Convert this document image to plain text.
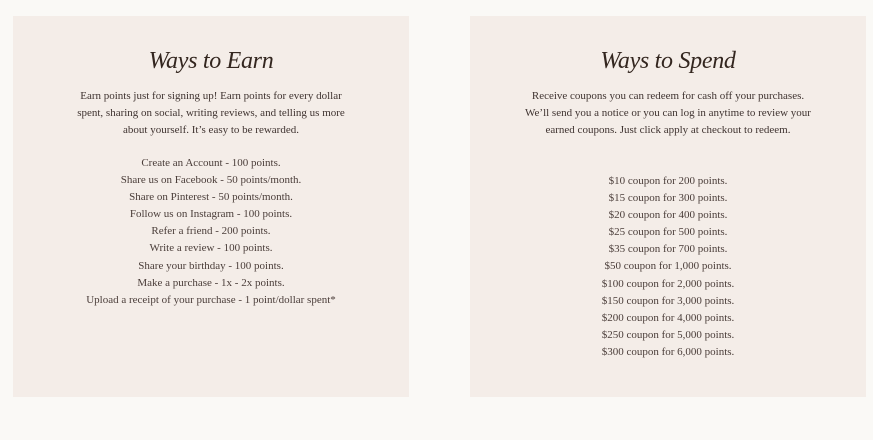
Ways to Earn

Earn points just for signing up! Earn points for every dollar spent, sharing on social, writing reviews, and telling us more about yourself. It’s easy to be rewarded.

Create an Account - 100 points.
Share us on Facebook - 50 points/month.
Share on Pinterest - 50 points/month.
Follow us on Instagram - 100 points.
Refer a friend - 200 points.
Write a review - 100 points.
Share your birthday - 100 points.
Make a purchase - 1x - 2x points.
Upload a receipt of your purchase - 1 point/dollar spent*
Ways to Spend

Receive coupons you can redeem for cash off your purchases. We’ll send you a notice or you can log in anytime to review your earned coupons. Just click apply at checkout to redeem.

$10 coupon for 200 points.
$15 coupon for 300 points.
$20 coupon for 400 points.
$25 coupon for 500 points.
$35 coupon for 700 points.
$50 coupon for 1,000 points.
$100 coupon for 2,000 points.
$150 coupon for 3,000 points.
$200 coupon for 4,000 points.
$250 coupon for 5,000 points.
$300 coupon for 6,000 points.
